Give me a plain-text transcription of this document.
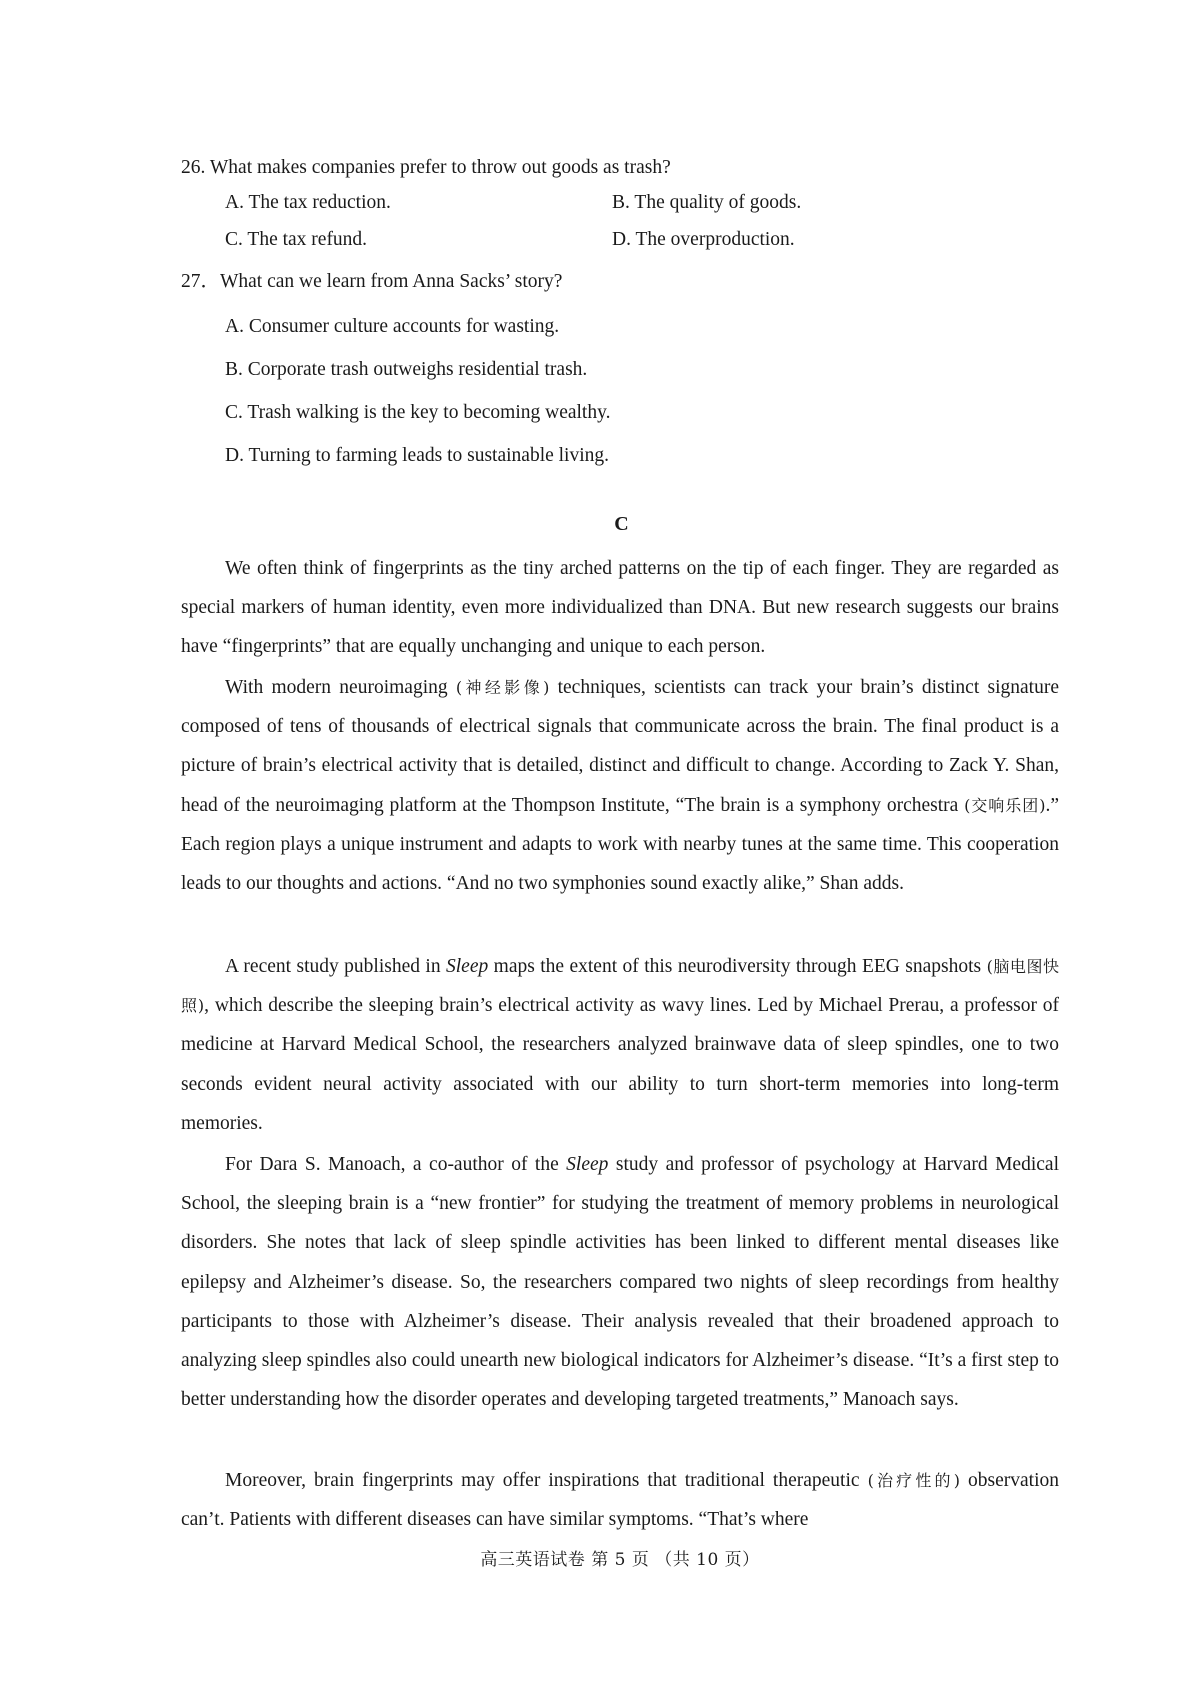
26. What makes companies prefer to throw out goods as trash?
A. The tax reduction.	B. The quality of goods.
C. The tax refund.	D. The overproduction.
27．What can we learn from Anna Sacks’ story?
A. Consumer culture accounts for wasting.
B. Corporate trash outweighs residential trash.
C. Trash walking is the key to becoming wealthy.
D. Turning to farming leads to sustainable living.
C

We often think of fingerprints as the tiny arched patterns on the tip of each finger. They are regarded as special markers of human identity, even more individualized than DNA. But new research suggests our brains have “fingerprints” that are equally unchanging and unique to each person.

With modern neuroimaging (神经影像) techniques, scientists can track your brain’s distinct signature composed of tens of thousands of electrical signals that communicate across the brain. The final product is a picture of brain’s electrical activity that is detailed, distinct and difficult to change. According to Zack Y. Shan, head of the neuroimaging platform at the Thompson Institute, “The brain is a symphony orchestra (交响乐团).” Each region plays a unique instrument and adapts to work with nearby tunes at the same time. This cooperation leads to our thoughts and actions. “And no two symphonies sound exactly alike,” Shan adds.

A recent study published in Sleep maps the extent of this neurodiversity through EEG snapshots (脑电图快照), which describe the sleeping brain’s electrical activity as wavy lines. Led by Michael Prerau, a professor of medicine at Harvard Medical School, the researchers analyzed brainwave data of sleep spindles, one to two seconds evident neural activity associated with our ability to turn short-term memories into long-term memories.

For Dara S. Manoach, a co-author of the Sleep study and professor of psychology at Harvard Medical School, the sleeping brain is a “new frontier” for studying the treatment of memory problems in neurological disorders. She notes that lack of sleep spindle activities has been linked to different mental diseases like epilepsy and Alzheimer’s disease. So, the researchers compared two nights of sleep recordings from healthy participants to those with Alzheimer’s disease. Their analysis revealed that their broadened approach to analyzing sleep spindles also could unearth new biological indicators for Alzheimer’s disease. “It’s a first step to better understanding how the disorder operates and developing targeted treatments,” Manoach says.

Moreover, brain fingerprints may offer inspirations that traditional therapeutic (治疗性的) observation can’t. Patients with different diseases can have similar symptoms. “That’s where

高三英语试卷 第 5 页 （共 10 页）
